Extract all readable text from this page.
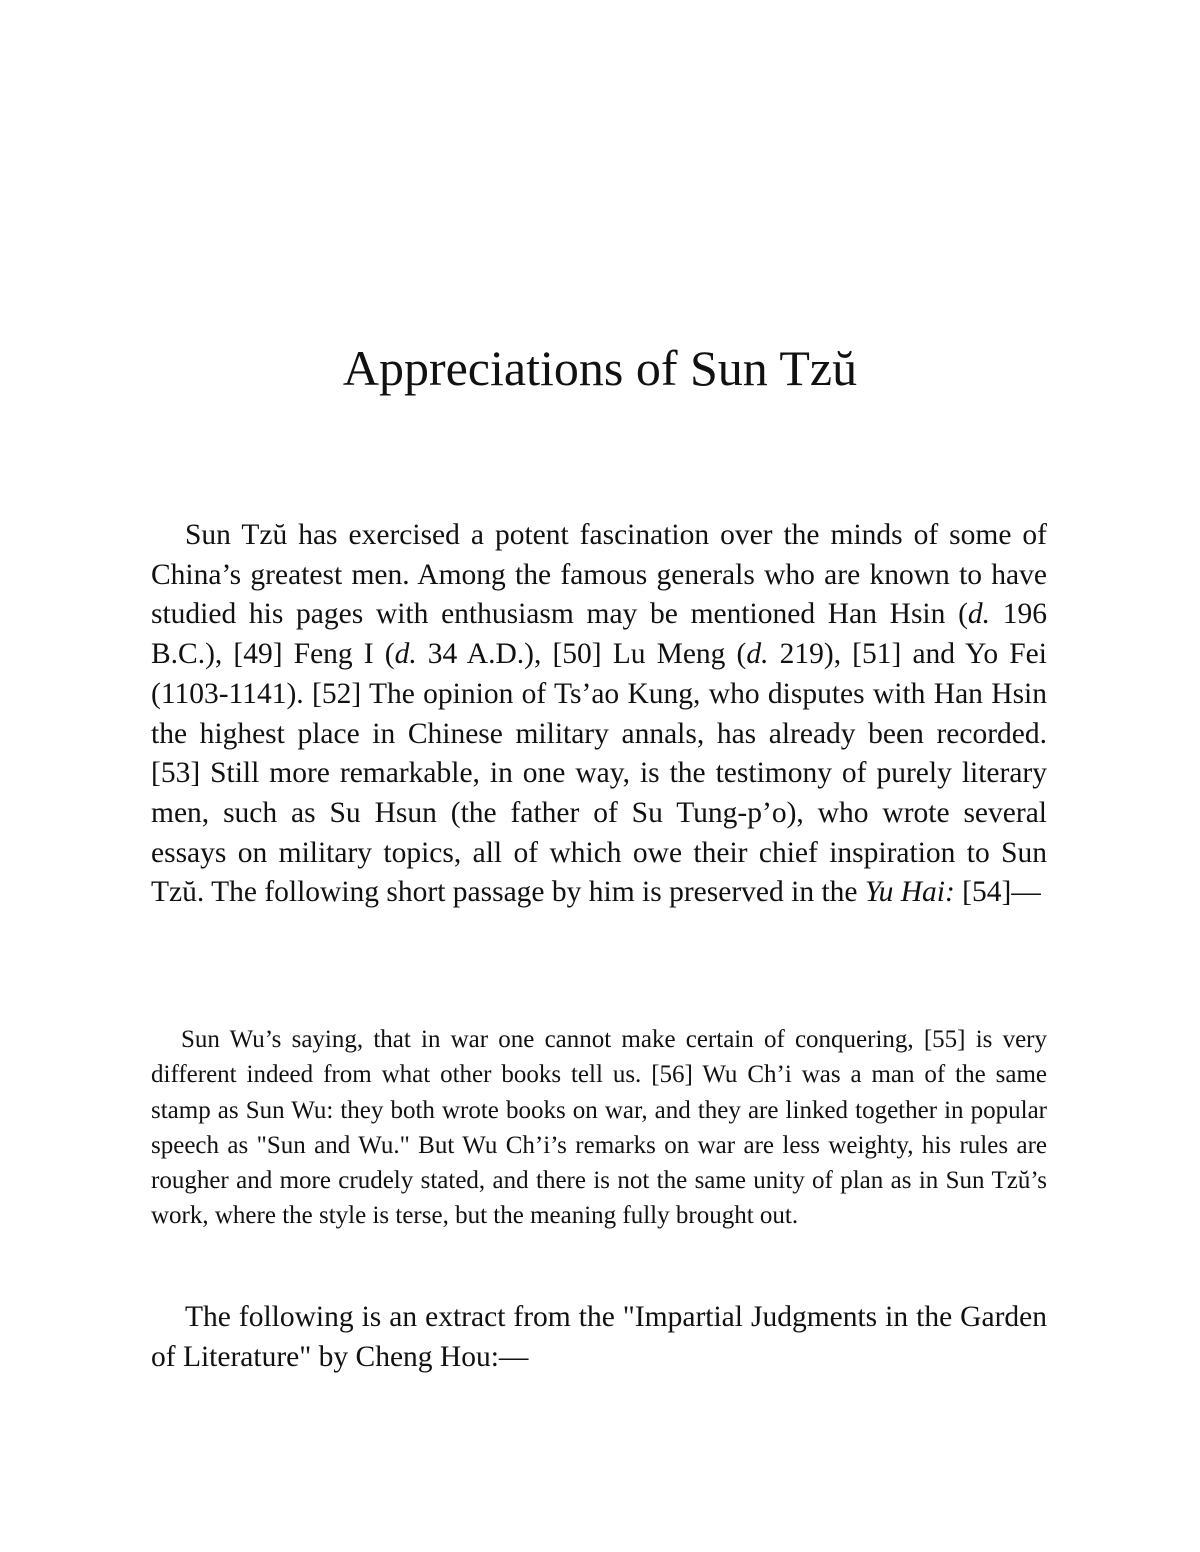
Appreciations of Sun Tzŭ

Sun Tzŭ has exercised a potent fascination over the minds of some of China’s greatest men. Among the famous generals who are known to have studied his pages with enthusiasm may be mentioned Han Hsin (d. 196 B.C.), [49] Feng I (d. 34 A.D.), [50] Lu Meng (d. 219), [51] and Yo Fei (1103-1141). [52] The opinion of Ts’ao Kung, who disputes with Han Hsin the highest place in Chinese military annals, has already been recorded. [53] Still more remarkable, in one way, is the testimony of purely literary men, such as Su Hsun (the father of Su Tung-p’o), who wrote several essays on military topics, all of which owe their chief inspiration to Sun Tzŭ. The following short passage by him is preserved in the Yu Hai: [54]—

Sun Wu’s saying, that in war one cannot make certain of conquering, [55] is very different indeed from what other books tell us. [56] Wu Ch’i was a man of the same stamp as Sun Wu: they both wrote books on war, and they are linked together in popular speech as "Sun and Wu." But Wu Ch’i’s remarks on war are less weighty, his rules are rougher and more crudely stated, and there is not the same unity of plan as in Sun Tzŭ’s work, where the style is terse, but the meaning fully brought out.

The following is an extract from the "Impartial Judgments in the Garden of Literature" by Cheng Hou:—
